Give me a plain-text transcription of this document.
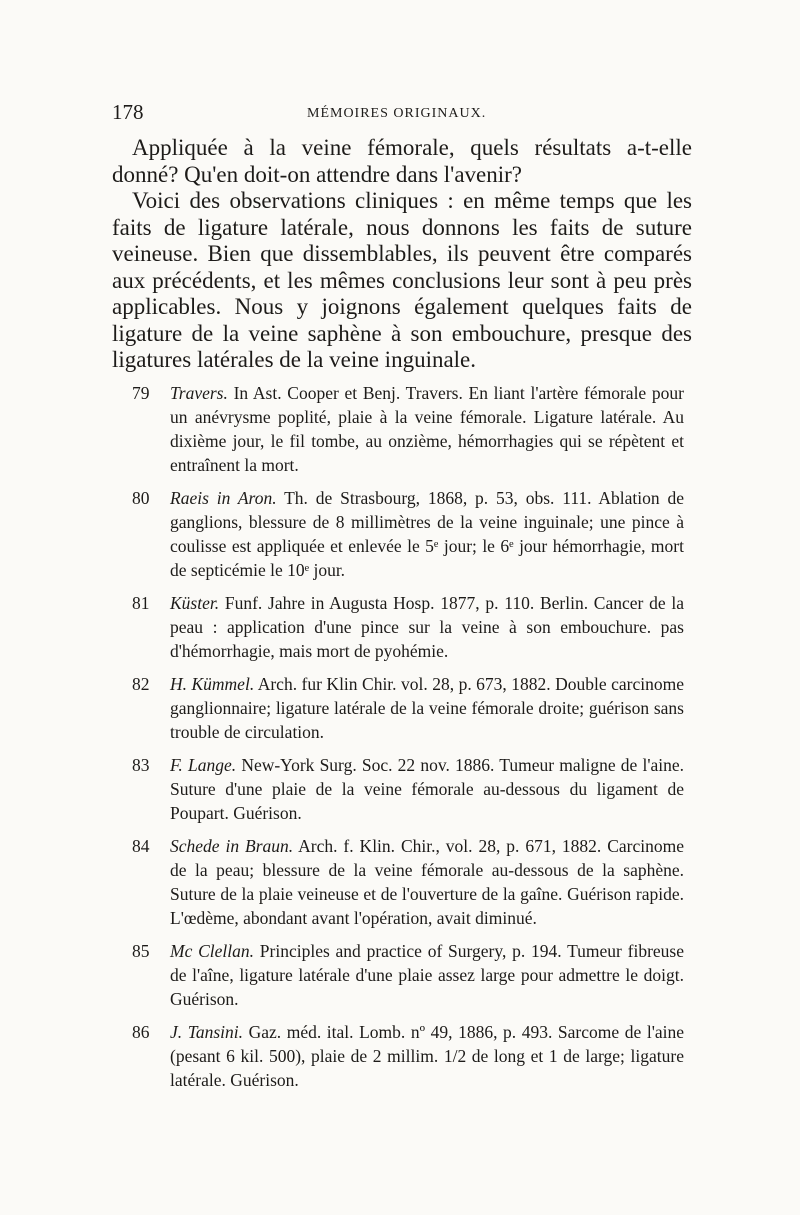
178	MÉMOIRES ORIGINAUX.

Appliquée à la veine fémorale, quels résultats a-t-elle donné? Qu'en doit-on attendre dans l'avenir?

Voici des observations cliniques : en même temps que les faits de ligature latérale, nous donnons les faits de suture veineuse. Bien que dissemblables, ils peuvent être comparés aux précédents, et les mêmes conclusions leur sont à peu près applicables. Nous y joignons également quelques faits de ligature de la veine saphène à son embouchure, presque des ligatures latérales de la veine inguinale.

79	Travers. In Ast. Cooper et Benj. Travers. En liant l'artère fémorale pour un anévrysme poplité, plaie à la veine fémorale. Ligature latérale. Au dixième jour, le fil tombe, au onzième, hémorrhagies qui se répètent et entraînent la mort.
80	Raeis in Aron. Th. de Strasbourg, 1868, p. 53, obs. 111. Ablation de ganglions, blessure de 8 millimètres de la veine inguinale; une pince à coulisse est appliquée et enlevée le 5ᵉ jour; le 6ᵉ jour hémorrhagie, mort de septicémie le 10ᵉ jour.
81	Küster. Funf. Jahre in Augusta Hosp. 1877, p. 110. Berlin. Cancer de la peau : application d'une pince sur la veine à son embouchure. pas d'hémorrhagie, mais mort de pyohémie.
82	H. Kümmel. Arch. fur Klin Chir. vol. 28, p. 673, 1882. Double carcinome ganglionnaire; ligature latérale de la veine fémorale droite; guérison sans trouble de circulation.
83	F. Lange. New-York Surg. Soc. 22 nov. 1886. Tumeur maligne de l'aine. Suture d'une plaie de la veine fémorale au-dessous du ligament de Poupart. Guérison.
84	Schede in Braun. Arch. f. Klin. Chir., vol. 28, p. 671, 1882. Carcinome de la peau; blessure de la veine fémorale au-dessous de la saphène. Suture de la plaie veineuse et de l'ouverture de la gaîne. Guérison rapide. L'œdème, abondant avant l'opération, avait diminué.
85	Mc Clellan. Principles and practice of Surgery, p. 194. Tumeur fibreuse de l'aîne, ligature latérale d'une plaie assez large pour admettre le doigt. Guérison.
86	J. Tansini. Gaz. méd. ital. Lomb. nº 49, 1886, p. 493. Sarcome de l'aine (pesant 6 kil. 500), plaie de 2 millim. 1/2 de long et 1 de large; ligature latérale. Guérison.
